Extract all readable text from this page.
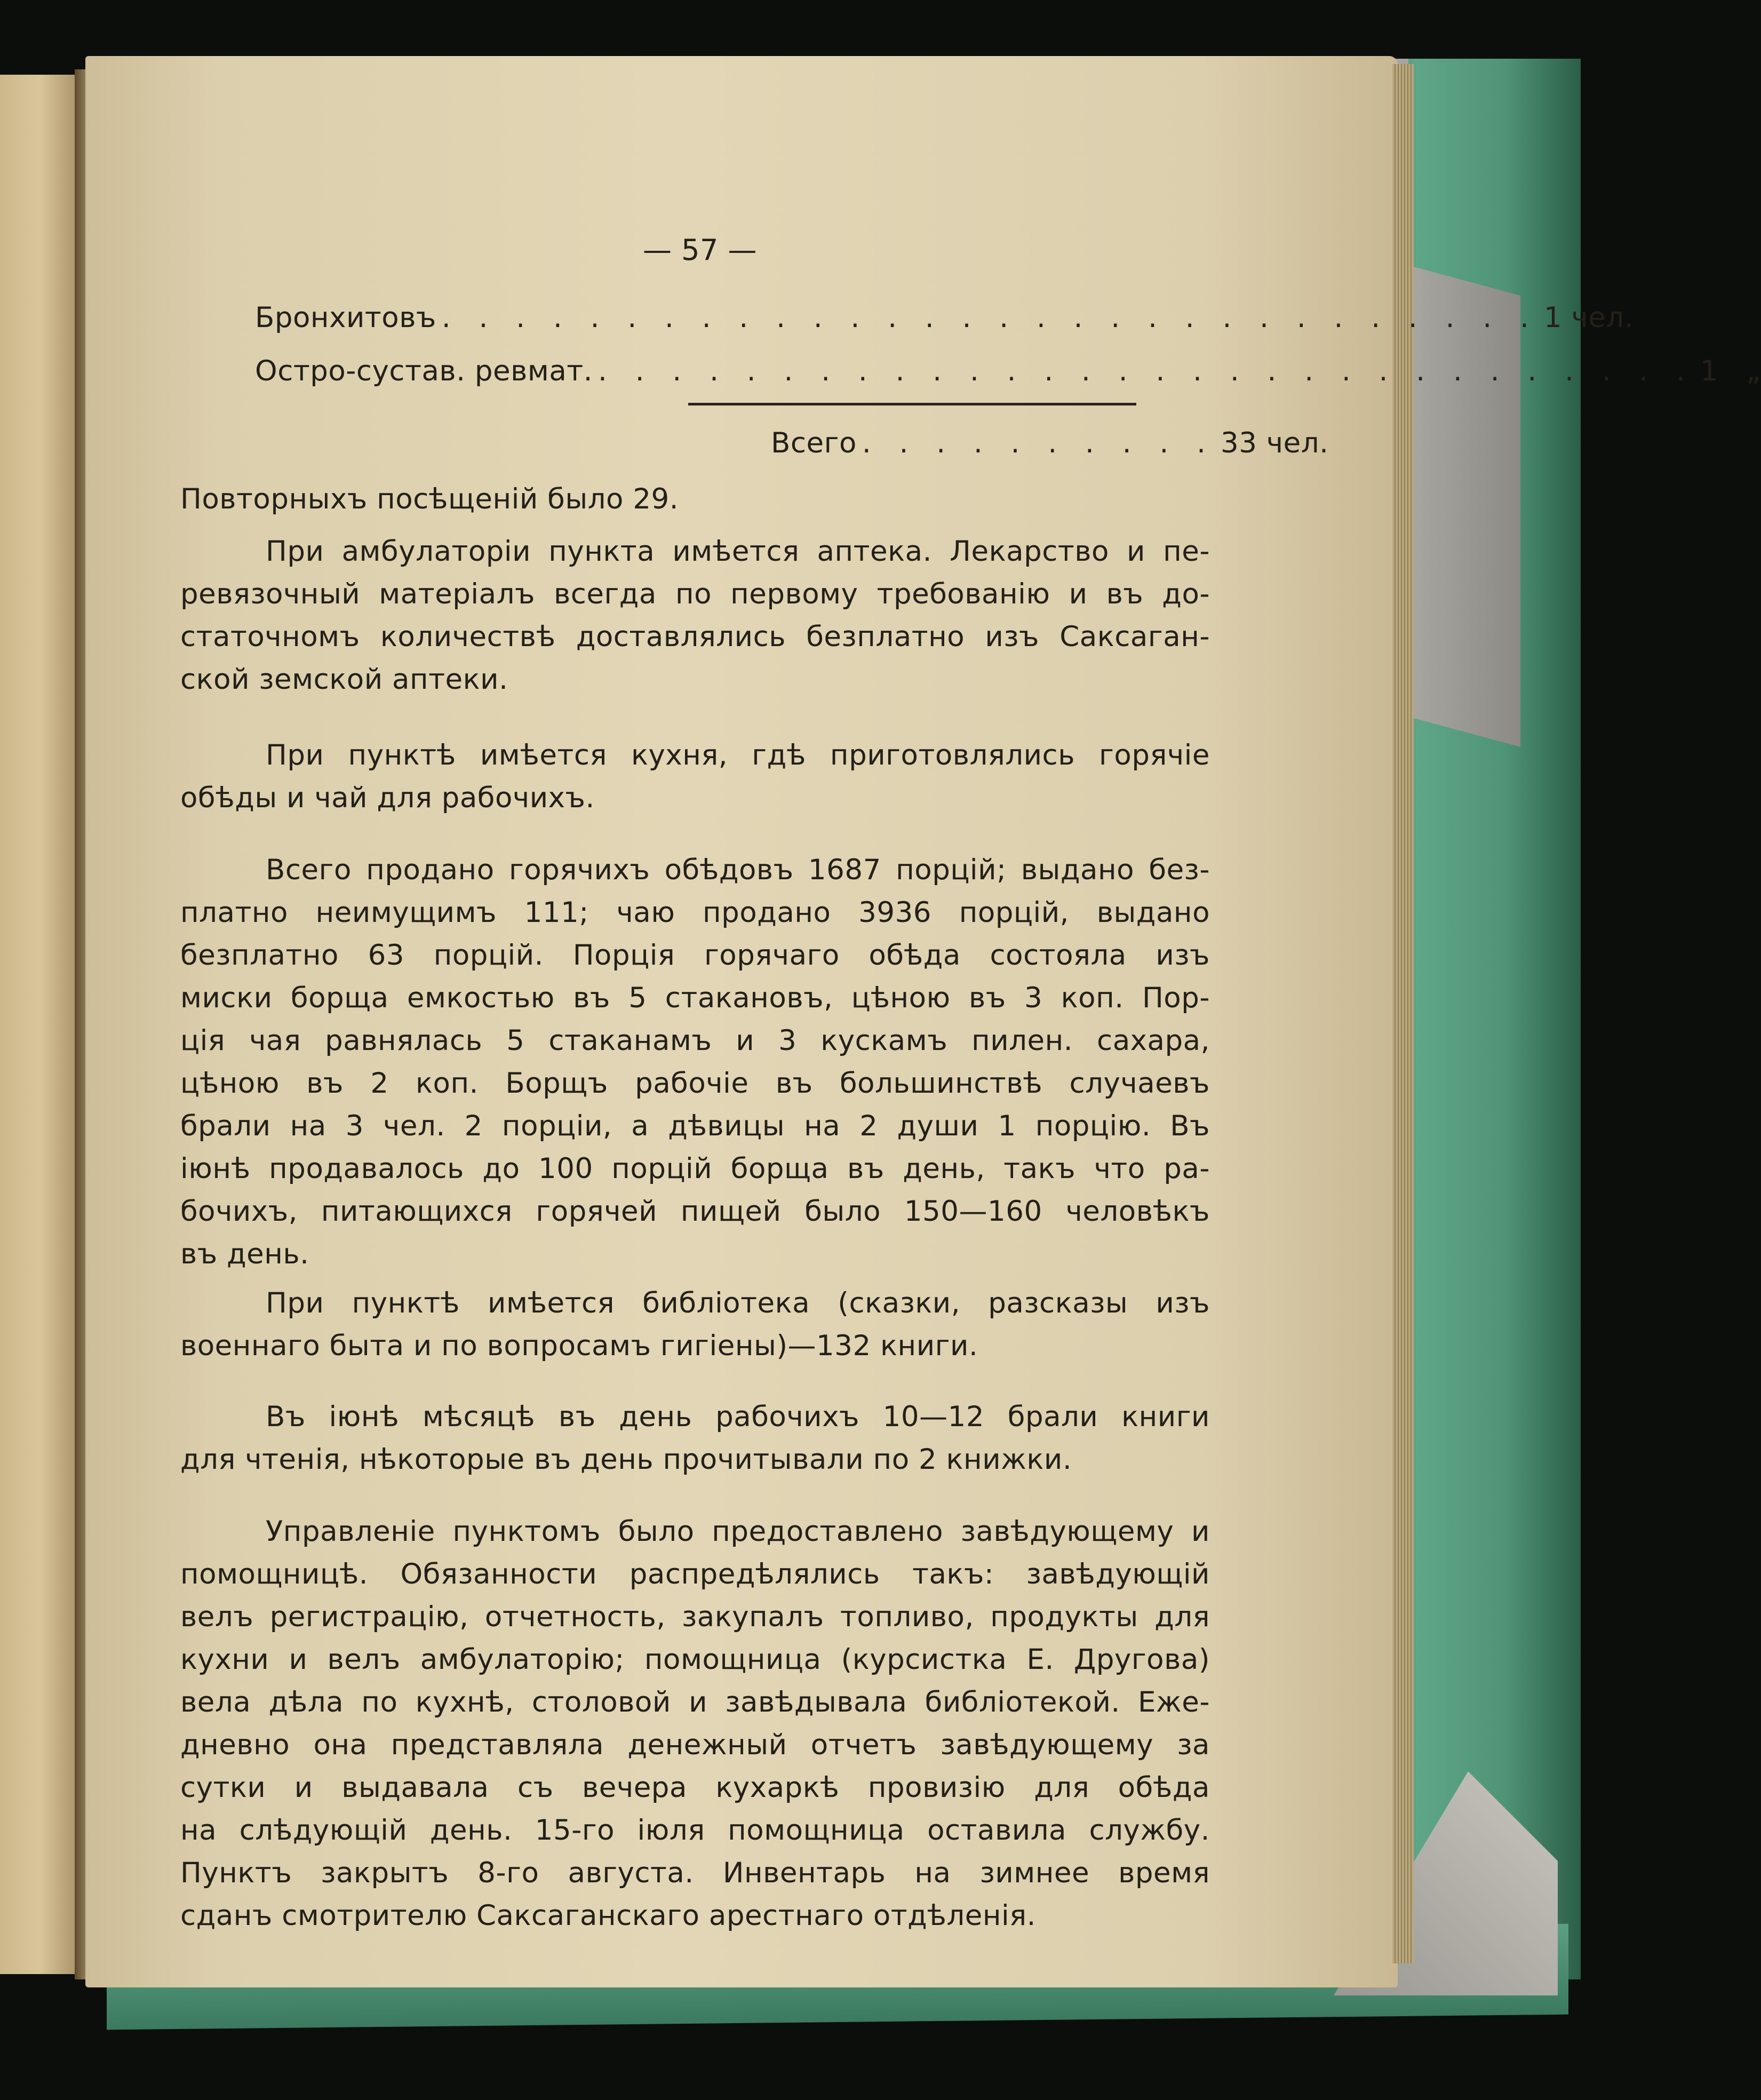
— 57 —
Бронхитовъ . . . . . . . . . . . . . . . . . . . . . . . . . . . . . . 1 чел.
Остро-сустав. ревмат. . . . . . . . . . . . . . . . . . . . . . . . . . . . . . . 1   „
Всего . . . . . . . . . . 33 чел.
Повторныхъ посѣщеній было 29.
При амбулаторіи пункта имѣется аптека. Лекарство и пе-
ревязочный матеріалъ всегда по первому требованію и въ до-
статочномъ количествѣ доставлялись безплатно изъ Саксаган-
ской земской аптеки.
При пунктѣ имѣется кухня, гдѣ приготовлялись горячіе
обѣды и чай для рабочихъ.
Всего продано горячихъ обѣдовъ 1687 порцій; выдано без-
платно неимущимъ 111; чаю продано 3936 порцій, выдано
безплатно 63 порцій. Порція горячаго обѣда состояла изъ
миски борща емкостью въ 5 стакановъ, цѣною въ 3 коп. Пор-
ція чая равнялась 5 стаканамъ и 3 кускамъ пилен. сахара,
цѣною въ 2 коп. Борщъ рабочіе въ большинствѣ случаевъ
брали на 3 чел. 2 порціи, а дѣвицы на 2 души 1 порцію. Въ
іюнѣ продавалось до 100 порцій борща въ день, такъ что ра-
бочихъ, питающихся горячей пищей было 150—160 человѣкъ
въ день.
При пунктѣ имѣется библіотека (сказки, разсказы изъ
военнаго быта и по вопросамъ гигіены)—132 книги.
Въ іюнѣ мѣсяцѣ въ день рабочихъ 10—12 брали книги
для чтенія, нѣкоторые въ день прочитывали по 2 книжки.
Управленіе пунктомъ было предоставлено завѣдующему и
помощницѣ. Обязанности распредѣлялись такъ: завѣдующій
велъ регистрацію, отчетность, закупалъ топливо, продукты для
кухни и велъ амбулаторію; помощница (курсистка Е. Другова)
вела дѣла по кухнѣ, столовой и завѣдывала библіотекой. Еже-
дневно она представляла денежный отчетъ завѣдующему за
сутки и выдавала съ вечера кухаркѣ провизію для обѣда
на слѣдующій день. 15-го іюля помощница оставила службу.
Пунктъ закрытъ 8-го августа. Инвентарь на зимнее время
сданъ смотрителю Саксаганскаго арестнаго отдѣленія.
